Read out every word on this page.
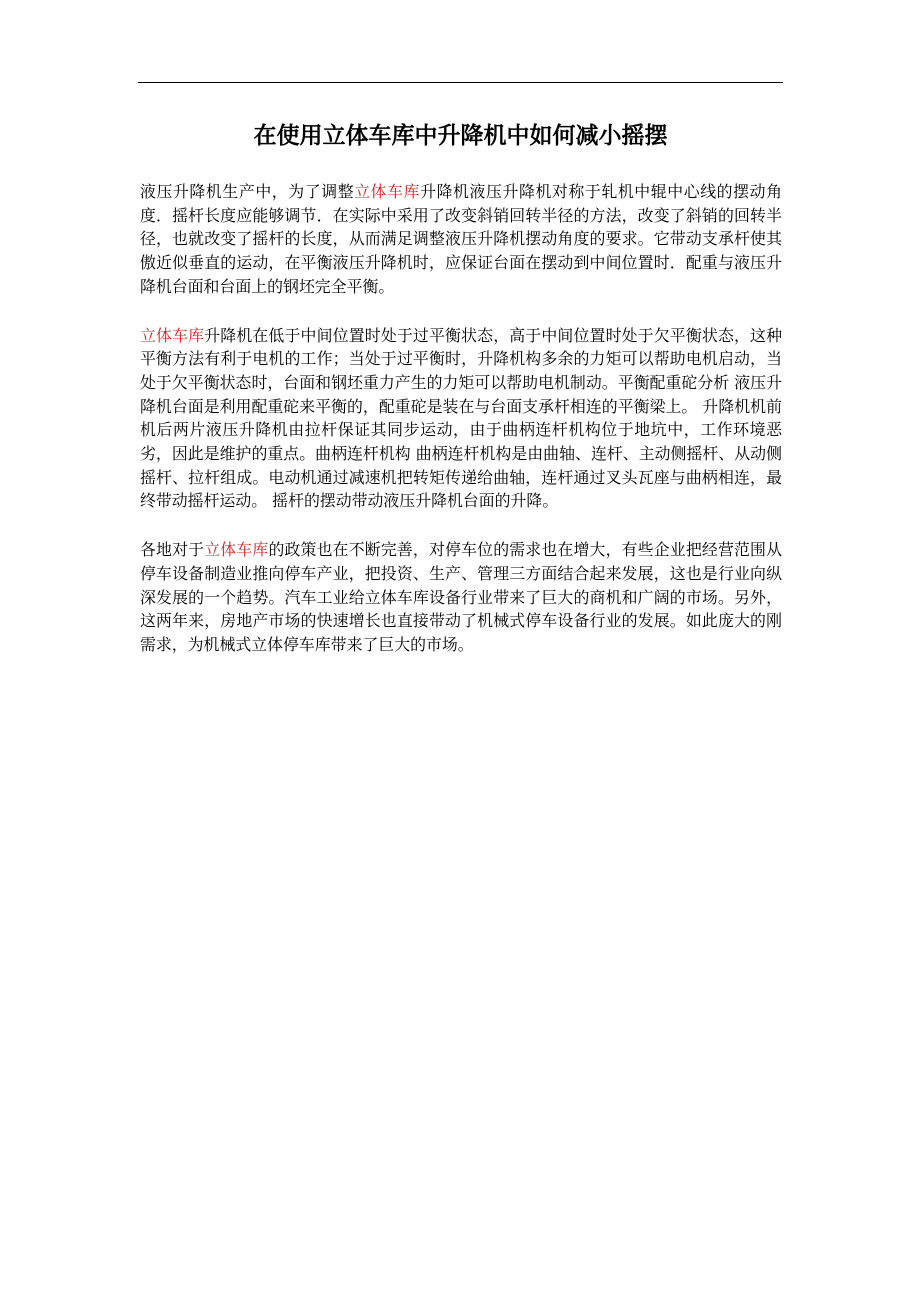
在使用立体车库中升降机中如何减小摇摆

液压升降机生产中，为了调整立体车库升降机液压升降机对称于轧机中辊中心线的摆动角度．摇杆长度应能够调节．在实际中采用了改变斜销回转半径的方法，改变了斜销的回转半径，也就改变了摇杆的长度，从而满足调整液压升降机摆动角度的要求。它带动支承杆使其傲近似垂直的运动，在平衡液压升降机时，应保证台面在摆动到中间位置时．配重与液压升降机台面和台面上的钢坯完全平衡。

立体车库升降机在低于中间位置时处于过平衡状态，高于中间位置时处于欠平衡状态，这种平衡方法有利于电机的工作；当处于过平衡时，升降机构多余的力矩可以帮助电机启动，当处于欠平衡状态时，台面和钢坯重力产生的力矩可以帮助电机制动。平衡配重砣分析 液压升降机台面是利用配重砣来平衡的，配重砣是装在与台面支承杆相连的平衡梁上。 升降机机前机后两片液压升降机由拉杆保证其同步运动，由于曲柄连杆机构位于地坑中，工作环境恶劣，因此是维护的重点。曲柄连杆机构 曲柄连杆机构是由曲轴、连杆、主动侧摇杆、从动侧摇杆、拉杆组成。电动机通过减速机把转矩传递给曲轴，连杆通过叉头瓦座与曲柄相连，最终带动摇杆运动。 摇杆的摆动带动液压升降机台面的升降。

各地对于立体车库的政策也在不断完善，对停车位的需求也在增大，有些企业把经营范围从停车设备制造业推向停车产业，把投资、生产、管理三方面结合起来发展，这也是行业向纵深发展的一个趋势。汽车工业给立体车库设备行业带来了巨大的商机和广阔的市场。另外，这两年来，房地产市场的快速增长也直接带动了机械式停车设备行业的发展。如此庞大的刚需求，为机械式立体停车库带来了巨大的市场。
